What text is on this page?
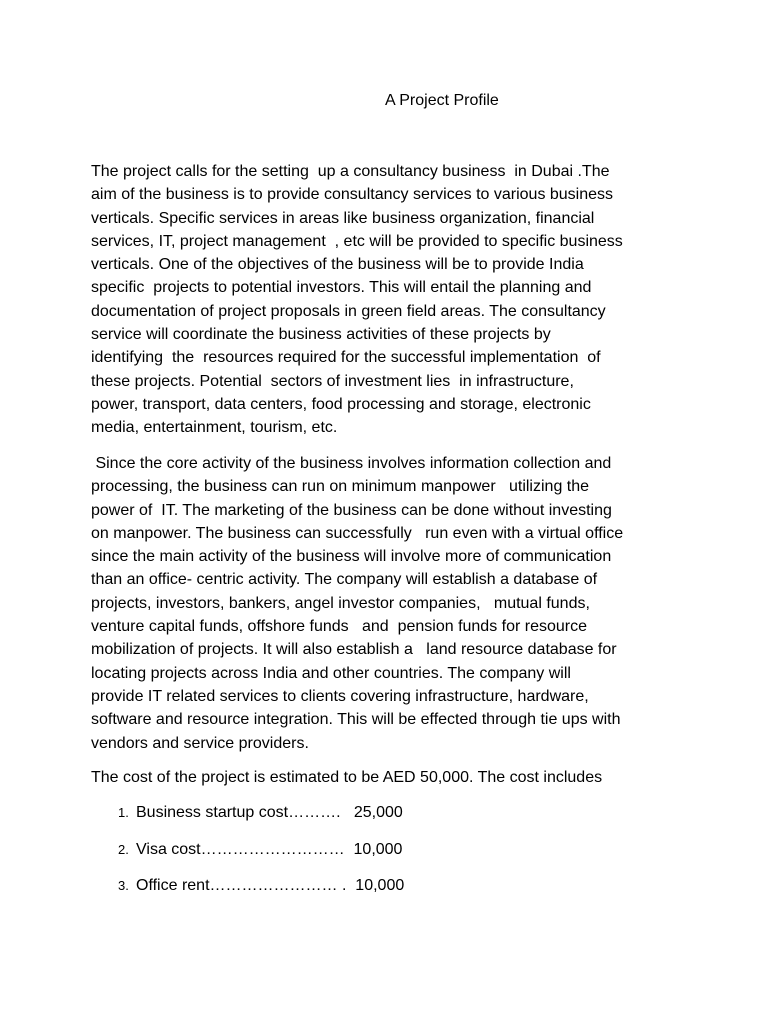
A Project Profile
The project calls for the setting  up a consultancy business  in Dubai .The
aim of the business is to provide consultancy services to various business
verticals. Specific services in areas like business organization, financial
services, IT, project management  , etc will be provided to specific business
verticals. One of the objectives of the business will be to provide India
specific  projects to potential investors. This will entail the planning and
documentation of project proposals in green field areas. The consultancy
service will coordinate the business activities of these projects by
identifying  the  resources required for the successful implementation  of
these projects. Potential  sectors of investment lies  in infrastructure,
power, transport, data centers, food processing and storage, electronic
media, entertainment, tourism, etc.
Since the core activity of the business involves information collection and
processing, the business can run on minimum manpower   utilizing the
power of  IT. The marketing of the business can be done without investing
on manpower. The business can successfully   run even with a virtual office
since the main activity of the business will involve more of communication
than an office- centric activity. The company will establish a database of
projects, investors, bankers, angel investor companies,   mutual funds,
venture capital funds, offshore funds   and  pension funds for resource
mobilization of projects. It will also establish a   land resource database for
locating projects across India and other countries. The company will
provide IT related services to clients covering infrastructure, hardware,
software and resource integration. This will be effected through tie ups with
vendors and service providers.
The cost of the project is estimated to be AED 50,000. The cost includes
1. Business startup cost……….   25,000
2. Visa cost………………………  10,000
3. Office rent…………………… .  10,000
